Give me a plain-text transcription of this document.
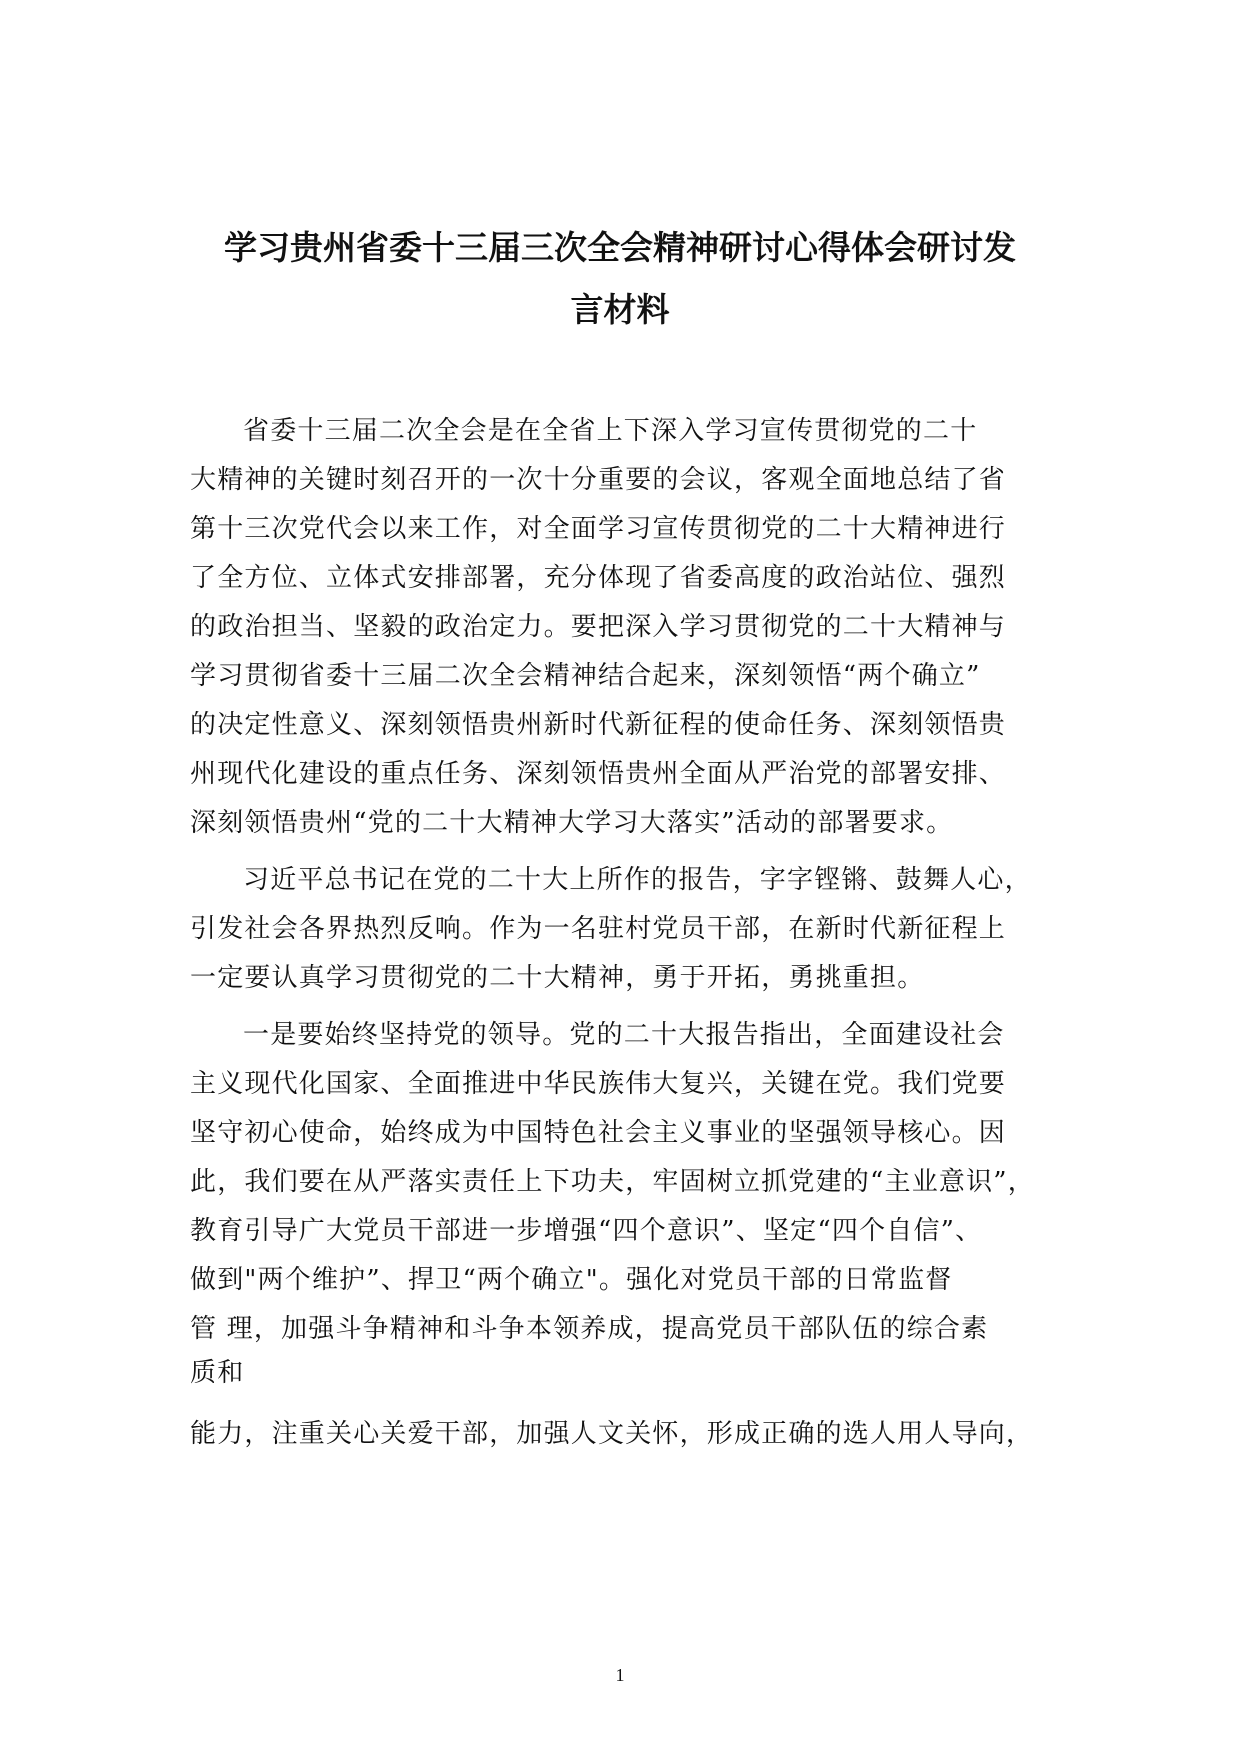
学习贵州省委十三届三次全会精神研讨心得体会研讨发
言材料
省委十三届二次全会是在全省上下深入学习宣传贯彻党的二十
大精神的关键时刻召开的一次十分重要的会议，客观全面地总结了省
第十三次党代会以来工作，对全面学习宣传贯彻党的二十大精神进行
了全方位、立体式安排部署，充分体现了省委高度的政治站位、强烈
的政治担当、坚毅的政治定力。要把深入学习贯彻党的二十大精神与
学习贯彻省委十三届二次全会精神结合起来，深刻领悟“两个确立”
的决定性意义、深刻领悟贵州新时代新征程的使命任务、深刻领悟贵
州现代化建设的重点任务、深刻领悟贵州全面从严治党的部署安排、
深刻领悟贵州“党的二十大精神大学习大落实”活动的部署要求。
习近平总书记在党的二十大上所作的报告，字字铿锵、鼓舞人心，
引发社会各界热烈反响。作为一名驻村党员干部，在新时代新征程上
一定要认真学习贯彻党的二十大精神，勇于开拓，勇挑重担。
一是要始终坚持党的领导。党的二十大报告指出，全面建设社会
主义现代化国家、全面推进中华民族伟大复兴，关键在党。我们党要
坚守初心使命，始终成为中国特色社会主义事业的坚强领导核心。因
此，我们要在从严落实责任上下功夫，牢固树立抓党建的“主业意识”，
教育引导广大党员干部进一步增强“四个意识”、坚定“四个自信”、
做到"两个维护”、捍卫“两个确立"。强化对党员干部的日常监督
管 理，加强斗争精神和斗争本领养成，提高党员干部队伍的综合素
质和
能力，注重关心关爱干部，加强人文关怀，形成正确的选人用人导向，
1
